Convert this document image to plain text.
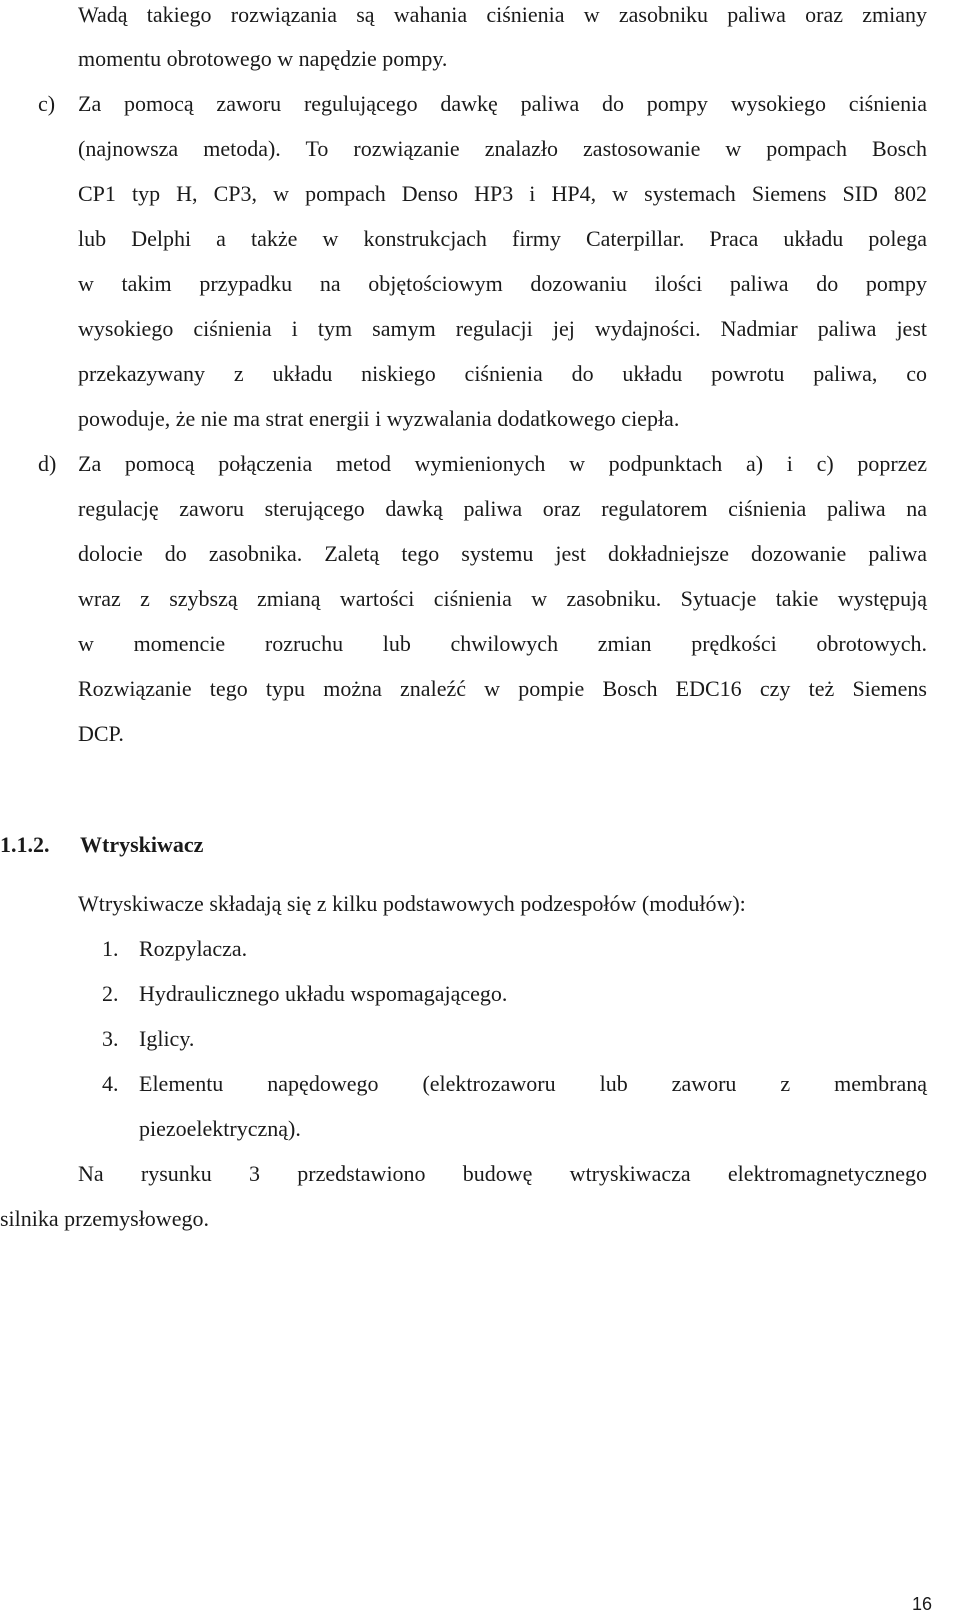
Wadą takiego rozwiązania są wahania ciśnienia w zasobniku paliwa oraz zmiany
momentu obrotowego w napędzie pompy.
c) Za pomocą zaworu regulującego dawkę paliwa do pompy wysokiego ciśnienia
(najnowsza metoda). To rozwiązanie znalazło zastosowanie w pompach Bosch
CP1 typ H, CP3, w pompach Denso HP3 i HP4, w systemach Siemens SID 802
lub Delphi a także w konstrukcjach firmy Caterpillar. Praca układu polega
w takim przypadku na objętościowym dozowaniu ilości paliwa do pompy
wysokiego ciśnienia i tym samym regulacji jej wydajności. Nadmiar paliwa jest
przekazywany z układu niskiego ciśnienia do układu powrotu paliwa, co
powoduje, że nie ma strat energii i wyzwalania dodatkowego ciepła.
d) Za pomocą połączenia metod wymienionych w podpunktach a) i c) poprzez
regulację zaworu sterującego dawką paliwa oraz regulatorem ciśnienia paliwa na
dolocie do zasobnika. Zaletą tego systemu jest dokładniejsze dozowanie paliwa
wraz z szybszą zmianą wartości ciśnienia w zasobniku. Sytuacje takie występują
w momencie rozruchu lub chwilowych zmian prędkości obrotowych.
Rozwiązanie tego typu można znaleźć w pompie Bosch EDC16 czy też Siemens
DCP.
1.1.2. Wtryskiwacz
Wtryskiwacze składają się z kilku podstawowych podzespołów (modułów):
1. Rozpylacza.
2. Hydraulicznego układu wspomagającego.
3. Iglicy.
4. Elementu napędowego (elektrozaworu lub zaworu z membraną
piezoelektryczną).
Na rysunku 3 przedstawiono budowę wtryskiwacza elektromagnetycznego
silnika przemysłowego.
16
